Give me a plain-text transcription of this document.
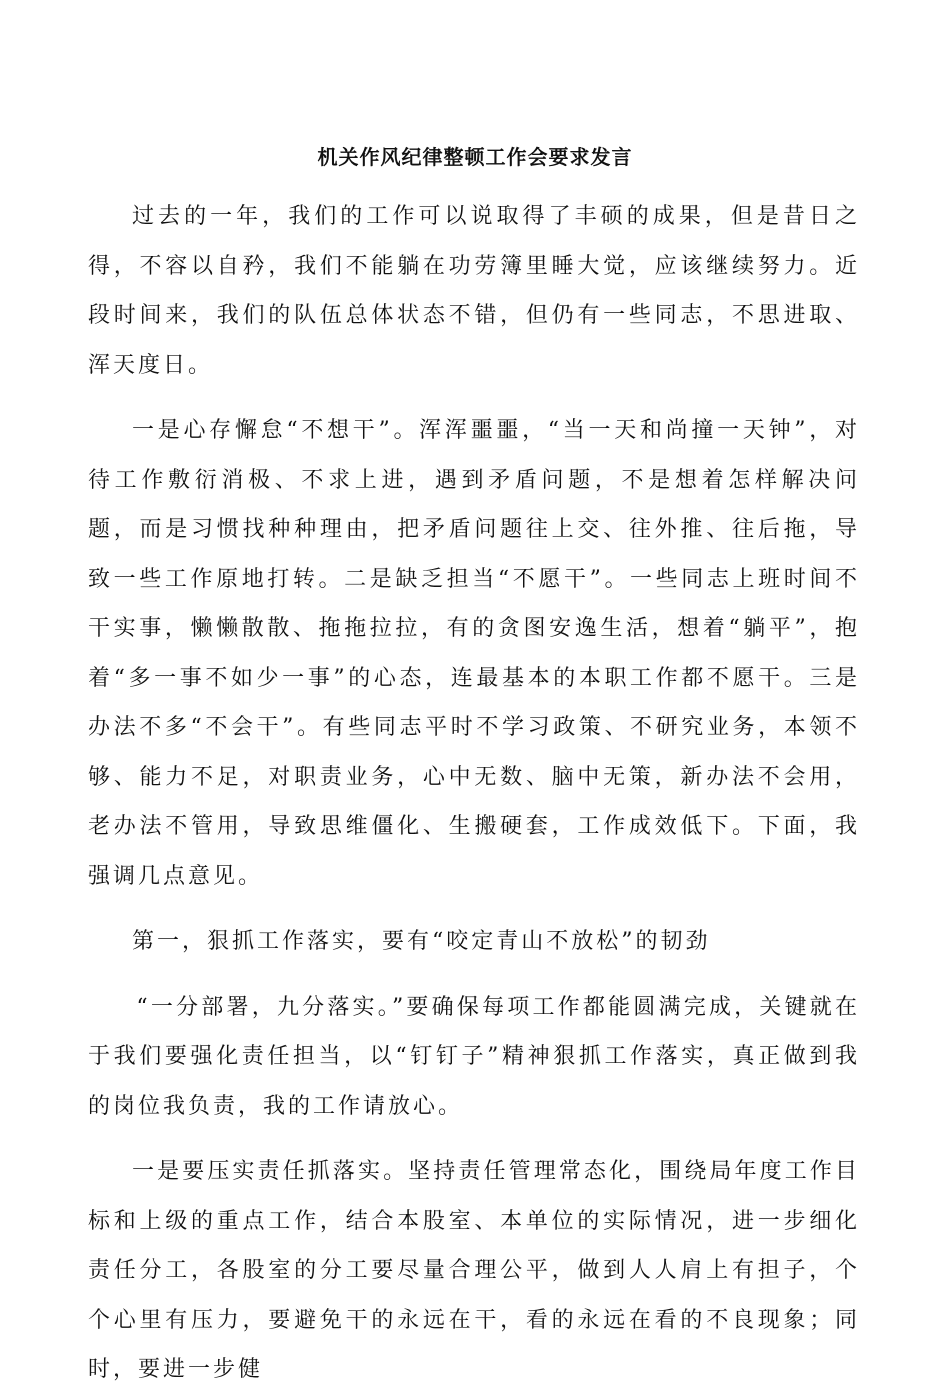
机关作风纪律整顿工作会要求发言

过去的一年，我们的工作可以说取得了丰硕的成果，但是昔日之得，不容以自矜，我们不能躺在功劳簿里睡大觉，应该继续努力。近段时间来，我们的队伍总体状态不错，但仍有一些同志，不思进取、浑天度日。

一是心存懈怠“不想干”。浑浑噩噩，“当一天和尚撞一天钟”，对待工作敷衍消极、不求上进，遇到矛盾问题，不是想着怎样解决问题，而是习惯找种种理由，把矛盾问题往上交、往外推、往后拖，导致一些工作原地打转。二是缺乏担当“不愿干”。一些同志上班时间不干实事，懒懒散散、拖拖拉拉，有的贪图安逸生活，想着“躺平”，抱着“多一事不如少一事”的心态，连最基本的本职工作都不愿干。三是办法不多“不会干”。有些同志平时不学习政策、不研究业务，本领不够、能力不足，对职责业务，心中无数、脑中无策，新办法不会用，老办法不管用，导致思维僵化、生搬硬套，工作成效低下。下面，我强调几点意见。

第一，狠抓工作落实，要有“咬定青山不放松”的韧劲

“一分部署，九分落实。”要确保每项工作都能圆满完成，关键就在于我们要强化责任担当，以“钉钉子”精神狠抓工作落实，真正做到我的岗位我负责，我的工作请放心。

一是要压实责任抓落实。坚持责任管理常态化，围绕局年度工作目标和上级的重点工作，结合本股室、本单位的实际情况，进一步细化责任分工，各股室的分工要尽量合理公平，做到人人肩上有担子，个个心里有压力，要避免干的永远在干，看的永远在看的不良现象；同时，要进一步健
